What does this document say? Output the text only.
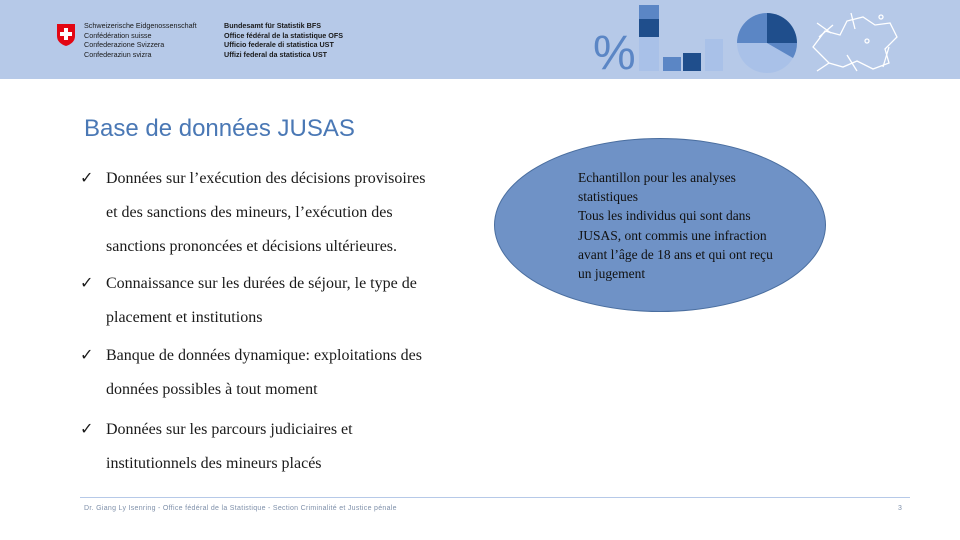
Schweizerische Eidgenossenschaft
Confédération suisse
Confederazione Svizzera
Confederaziun svizra
Bundesamt für Statistik BFS
Office fédéral de la statistique OFS
Ufficio federale di statistica UST
Uffizi federal da statistica UST	%
Base de données JUSAS
✓ Données sur l’exécution des décisions provisoires
et des sanctions des mineurs, l’exécution des
sanctions prononcées et décisions ultérieures.
✓ Connaissance sur les durées de séjour, le type de
placement et institutions
✓ Banque de données dynamique: exploitations des
données possibles à tout moment
✓ Données sur les parcours judiciaires et
institutionnels des mineurs placés
Echantillon pour les analyses
statistiques
Tous les individus qui sont dans
JUSAS, ont commis une infraction
avant l’âge de 18 ans et qui ont reçu
un jugement
Dr. Giang Ly Isenring - Office fédéral de la Statistique - Section Criminalité et Justice pénale	3
